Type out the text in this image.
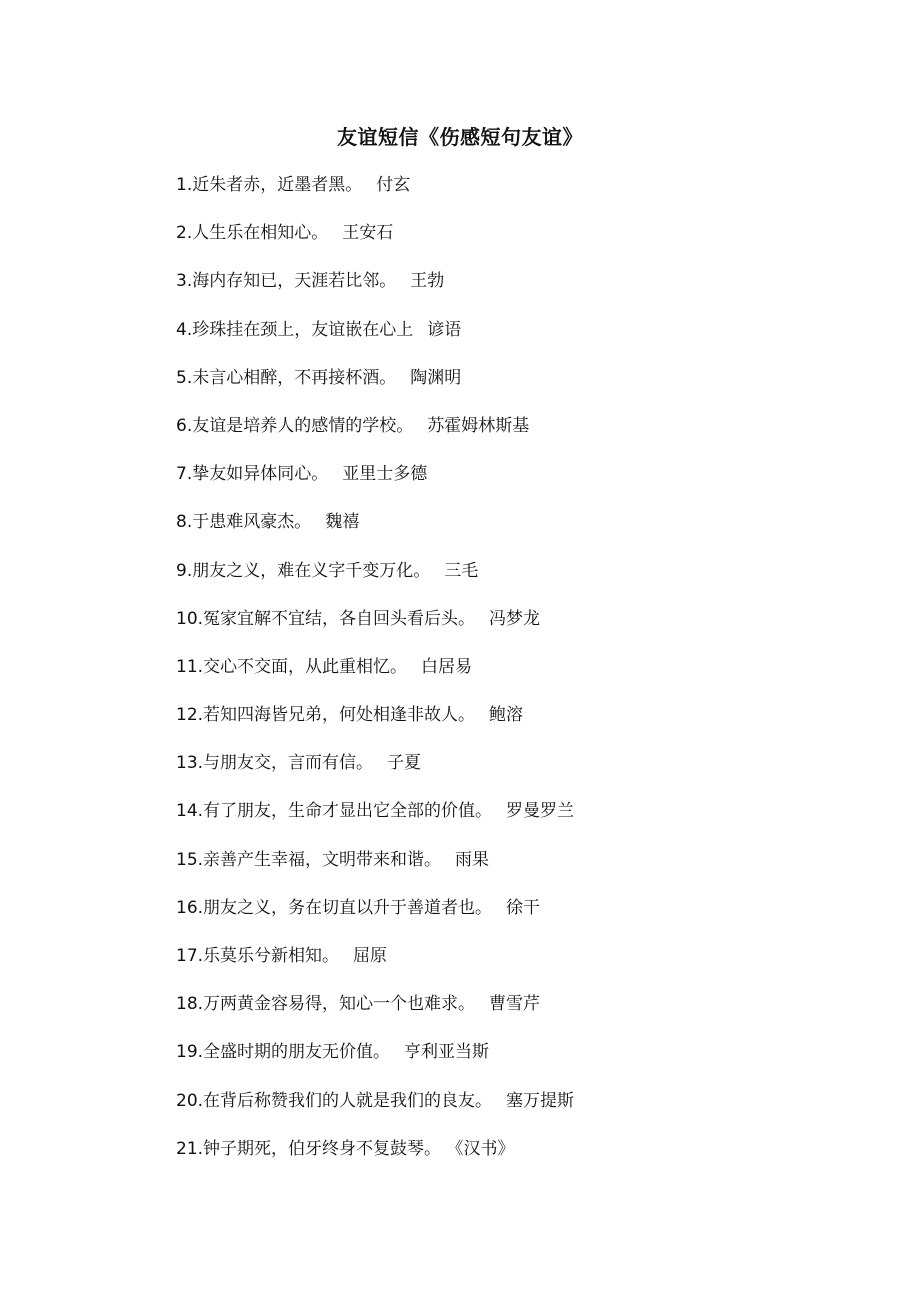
友谊短信《伤感短句友谊》
1.近朱者赤，近墨者黑。 付玄
2.人生乐在相知心。 王安石
3.海内存知已，天涯若比邻。 王勃
4.珍珠挂在颈上，友谊嵌在心上 谚语
5.未言心相醉，不再接杯酒。 陶渊明
6.友谊是培养人的感情的学校。 苏霍姆林斯基
7.挚友如异体同心。 亚里士多德
8.于患难风豪杰。 魏禧
9.朋友之义，难在义字千变万化。 三毛
10.冤家宜解不宜结，各自回头看后头。 冯梦龙
11.交心不交面，从此重相忆。 白居易
12.若知四海皆兄弟，何处相逢非故人。 鲍溶
13.与朋友交，言而有信。 子夏
14.有了朋友，生命才显出它全部的价值。 罗曼罗兰
15.亲善产生幸福，文明带来和谐。 雨果
16.朋友之义，务在切直以升于善道者也。 徐干
17.乐莫乐兮新相知。 屈原
18.万两黄金容易得，知心一个也难求。 曹雪芹
19.全盛时期的朋友无价值。 亨利亚当斯
20.在背后称赞我们的人就是我们的良友。 塞万提斯
21.钟子期死，伯牙终身不复鼓琴。 《汉书》
